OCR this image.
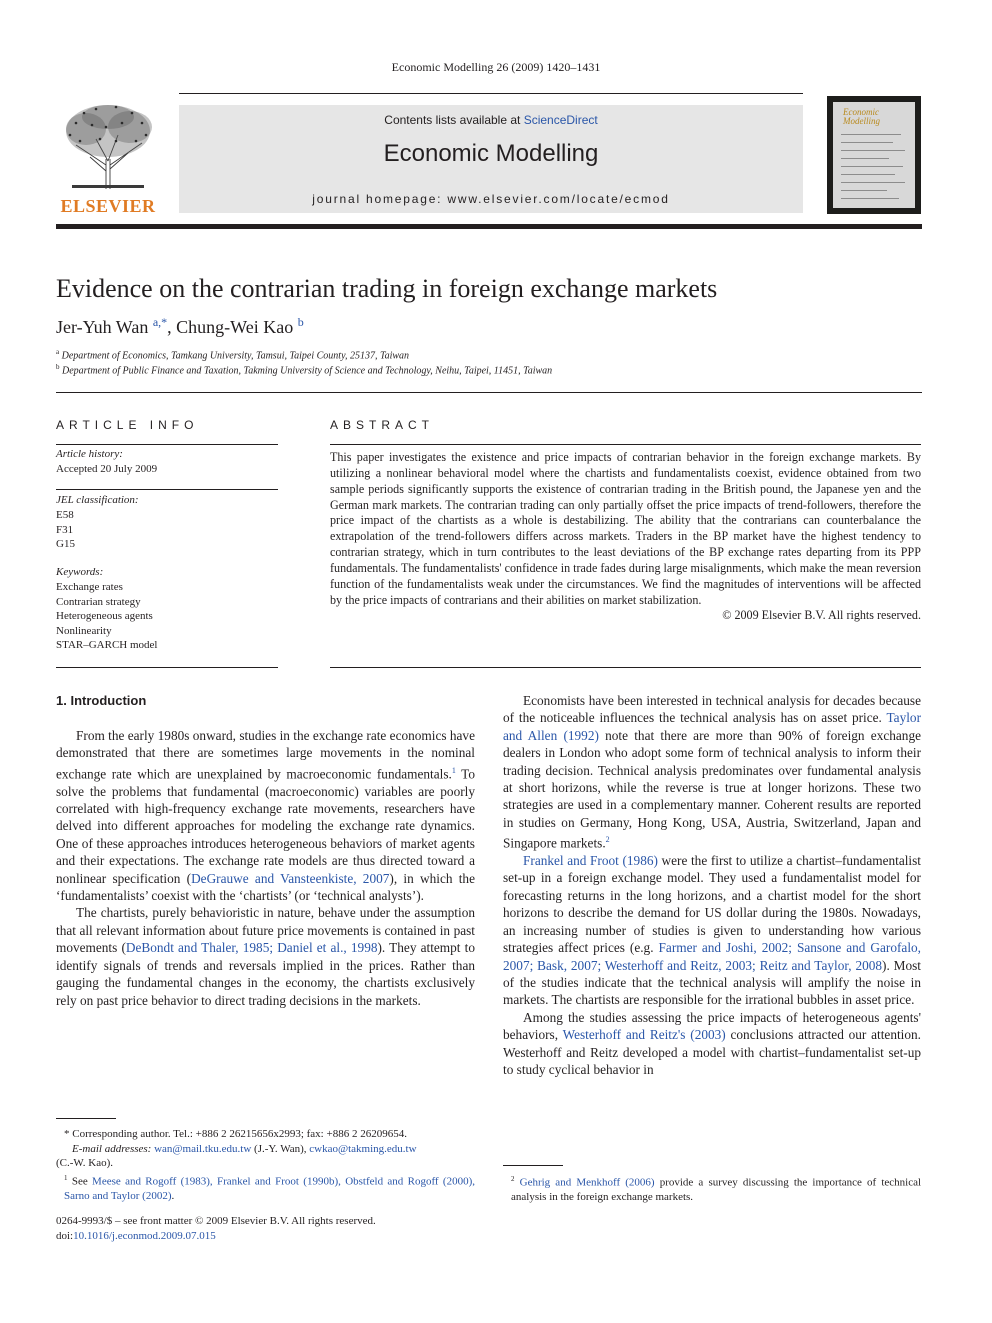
Economic Modelling 26 (2009) 1420–1431
ELSEVIER
Contents lists available at ScienceDirect
Economic Modelling
journal homepage: www.elsevier.com/locate/ecmod
Economic Modelling
Evidence on the contrarian trading in foreign exchange markets
Jer-Yuh Wan $^{a,*}$, Chung-Wei Kao $^b$
$^a$ Department of Economics, Tamkang University, Tamsui, Taipei County, 25137, Taiwan
$^b$ Department of Public Finance and Taxation, Takming University of Science and Technology, Neihu, Taipei, 11451, Taiwan
ARTICLE INFO
Article history:
Accepted 20 July 2009
JEL classification:
E58
F31
G15
Keywords:
Exchange rates
Contrarian strategy
Heterogeneous agents
Nonlinearity
STAR–GARCH model
ABSTRACT
This paper investigates the existence and price impacts of contrarian behavior in the foreign exchange markets. By utilizing a nonlinear behavioral model where the chartists and fundamentalists coexist, evidence obtained from two sample periods significantly supports the existence of contrarian trading in the British pound, the Japanese yen and the German mark markets. The contrarian trading can only partially offset the price impacts of trend-followers, therefore the price impact of the chartists as a whole is destabilizing. The ability that the contrarians can counterbalance the extrapolation of the trend-followers differs across markets. Traders in the BP market have the highest tendency to contrarian strategy, which in turn contributes to the least deviations of the BP exchange rates departing from its PPP fundamentals. The fundamentalists' confidence in trade fades during large misalignments, which make the mean reversion function of the fundamentalists weak under the circumstances. We find the magnitudes of interventions will be affected by the price impacts of contrarians and their abilities on market stabilization.
© 2009 Elsevier B.V. All rights reserved.
1. Introduction

From the early 1980s onward, studies in the exchange rate economics have demonstrated that there are sometimes large movements in the nominal exchange rate which are unexplained by macroeconomic fundamentals.$^1$ To solve the problems that fundamental (macroeconomic) variables are poorly correlated with high-frequency exchange rate movements, researchers have delved into different approaches for modeling the exchange rate dynamics. One of these approaches introduces heterogeneous behaviors of market agents and their expectations. The exchange rate models are thus directed toward a nonlinear specification (DeGrauwe and Vansteenkiste, 2007), in which the ‘fundamentalists’ coexist with the ‘chartists’ (or ‘technical analysts’).

The chartists, purely behavioristic in nature, behave under the assumption that all relevant information about future price movements is contained in past movements (DeBondt and Thaler, 1985; Daniel et al., 1998). They attempt to identify signals of trends and reversals implied in the prices. Rather than gauging the fundamental changes in the economy, the chartists exclusively rely on past price behavior to direct trading decisions in the markets.

Economists have been interested in technical analysis for decades because of the noticeable influences the technical analysis has on asset price. Taylor and Allen (1992) note that there are more than 90% of foreign exchange dealers in London who adopt some form of technical analysis to inform their trading decision. Technical analysis predominates over fundamental analysis at short horizons, while the reverse is true at longer horizons. These two strategies are used in a complementary manner. Coherent results are reported in studies on Germany, Hong Kong, USA, Austria, Switzerland, Japan and Singapore markets.$^2$

Frankel and Froot (1986) were the first to utilize a chartist–fundamentalist set-up in a foreign exchange model. They used a fundamentalist model for forecasting returns in the long horizons, and a chartist model for the short horizons to describe the demand for US dollar during the 1980s. Nowadays, an increasing number of studies is given to understanding how various strategies affect prices (e.g. Farmer and Joshi, 2002; Sansone and Garofalo, 2007; Bask, 2007; Westerhoff and Reitz, 2003; Reitz and Taylor, 2008). Most of the studies indicate that the technical analysis will amplify the noise in markets. The chartists are responsible for the irrational bubbles in asset price.

Among the studies assessing the price impacts of heterogeneous agents' behaviors, Westerhoff and Reitz's (2003) conclusions attracted our attention. Westerhoff and Reitz developed a model with chartist–fundamentalist set-up to study cyclical behavior in

* Corresponding author. Tel.: +886 2 26215656x2993; fax: +886 2 26209654.
E-mail addresses: wan@mail.tku.edu.tw (J.-Y. Wan), cwkao@takming.edu.tw
(C.-W. Kao).
$^1$ See Meese and Rogoff (1983), Frankel and Froot (1990b), Obstfeld and Rogoff (2000), Sarno and Taylor (2002).
$^2$ Gehrig and Menkhoff (2006) provide a survey discussing the importance of technical analysis in the foreign exchange markets.
0264-9993/$ – see front matter © 2009 Elsevier B.V. All rights reserved.
doi:10.1016/j.econmod.2009.07.015
